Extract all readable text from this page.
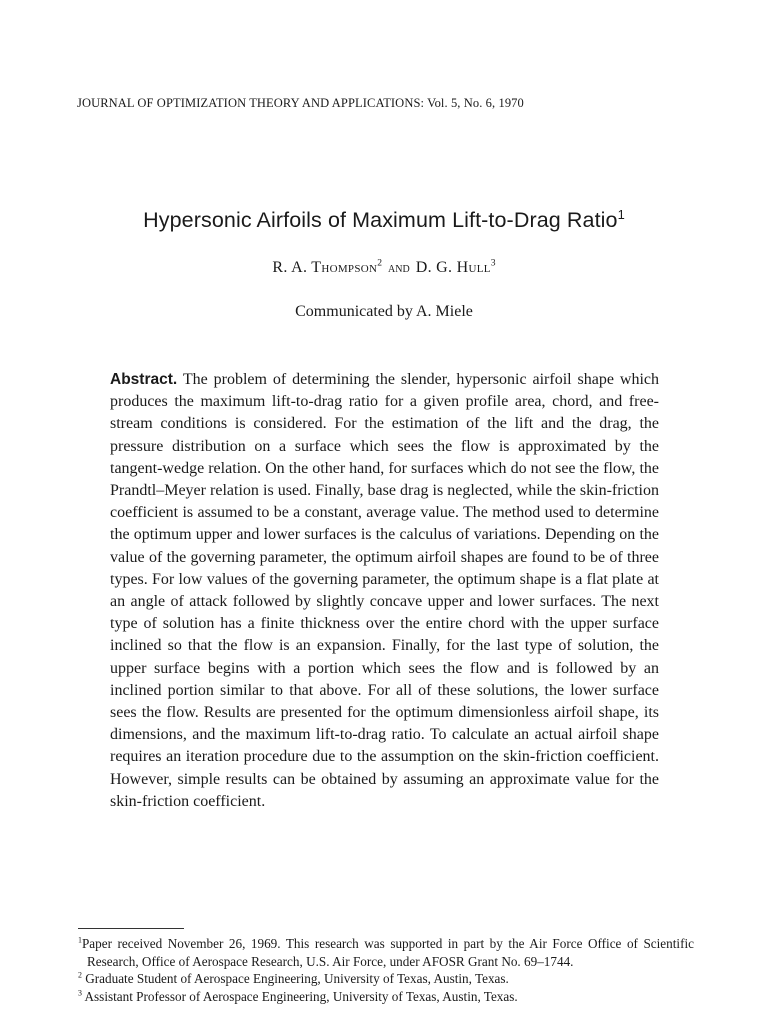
JOURNAL OF OPTIMIZATION THEORY AND APPLICATIONS: Vol. 5, No. 6, 1970
Hypersonic Airfoils of Maximum Lift-to-Drag Ratio$^1$
R. A. Thompson$^2$ and D. G. Hull$^3$
Communicated by A. Miele
Abstract. The problem of determining the slender, hypersonic airfoil shape which produces the maximum lift-to-drag ratio for a given profile area, chord, and free-stream conditions is considered. For the estimation of the lift and the drag, the pressure distribution on a surface which sees the flow is approximated by the tangent-wedge relation. On the other hand, for surfaces which do not see the flow, the Prandtl–Meyer relation is used. Finally, base drag is neglected, while the skin-friction coefficient is assumed to be a constant, average value. The method used to determine the optimum upper and lower surfaces is the calculus of variations. Depending on the value of the governing parameter, the optimum airfoil shapes are found to be of three types. For low values of the governing parameter, the optimum shape is a flat plate at an angle of attack followed by slightly concave upper and lower surfaces. The next type of solution has a finite thickness over the entire chord with the upper surface inclined so that the flow is an expansion. Finally, for the last type of solution, the upper surface begins with a portion which sees the flow and is followed by an inclined portion similar to that above. For all of these solutions, the lower surface sees the flow. Results are presented for the optimum dimensionless airfoil shape, its dimensions, and the maximum lift-to-drag ratio. To calculate an actual airfoil shape requires an iteration procedure due to the assumption on the skin-friction coefficient. However, simple results can be obtained by assuming an approximate value for the skin-friction coefficient.
$^1$Paper received November 26, 1969. This research was supported in part by the Air Force Office of Scientific Research, Office of Aerospace Research, U.S. Air Force, under AFOSR Grant No. 69–1744.
$^2$ Graduate Student of Aerospace Engineering, University of Texas, Austin, Texas.
$^3$ Assistant Professor of Aerospace Engineering, University of Texas, Austin, Texas.
